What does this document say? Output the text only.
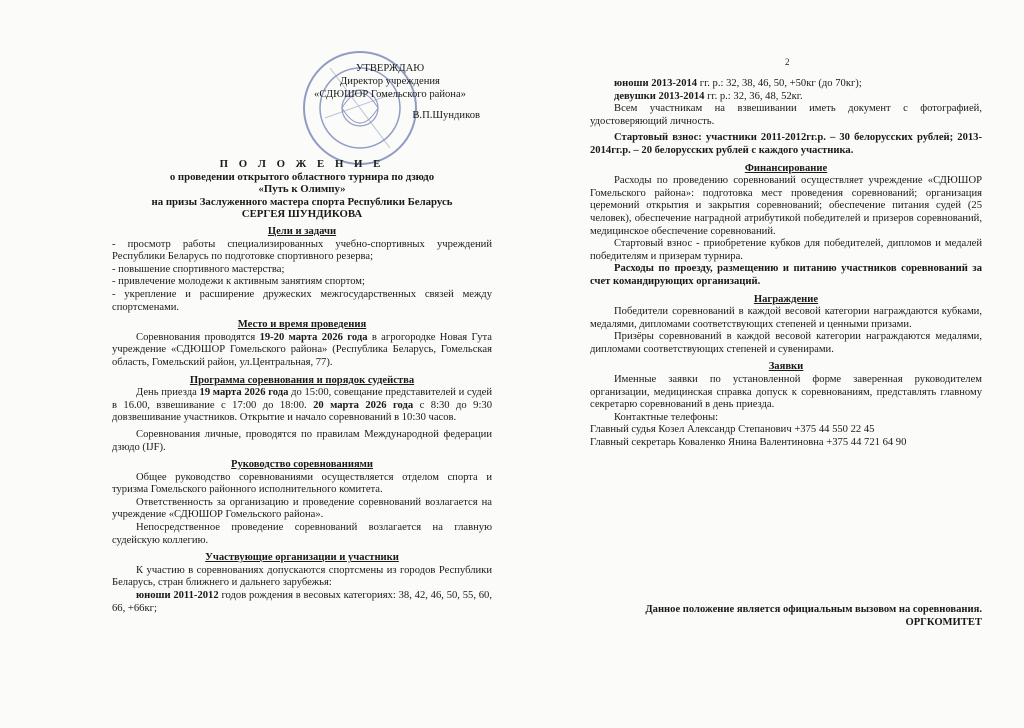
2
УТВЕРЖДАЮ
Директор учреждения
«СДЮШОР Гомельского района»
В.П.Шундиков
П О Л О Ж Е Н И Е
о проведении открытого областного турнира по дзюдо
«Путь к Олимпу»
на призы Заслуженного мастера спорта Республики Беларусь
СЕРГЕЯ ШУНДИКОВА

Цели и задачи

- просмотр работы специализированных учебно-спортивных учреждений Республики Беларусь по подготовке спортивного резерва;

- повышение спортивного мастерства;

- привлечение молодежи к активным занятиям спортом;

- укрепление и расширение дружеских межгосударственных связей между спортсменами.

Место и время проведения

Соревнования проводятся 19-20 марта 2026 года в агрогородке Новая Гута учреждение «СДЮШОР Гомельского района» (Республика Беларусь, Гомельская область, Гомельский район, ул.Центральная, 77).

Программа соревнования и порядок судейства

День приезда 19 марта 2026 года до 15:00, совещание представителей и судей в 16.00, взвешивание с 17:00 до 18:00. 20 марта 2026 года с 8:30 до 9:30 довзвешивание участников. Открытие и начало соревнований в 10:30 часов.

Соревнования личные, проводятся по правилам Международной федерации дзюдо (IJF).

Руководство соревнованиями

Общее руководство соревнованиями осуществляется отделом спорта и туризма Гомельского районного исполнительного комитета.

Ответственность за организацию и проведение соревнований возлагается на учреждение «СДЮШОР Гомельского района».

Непосредственное проведение соревнований возлагается на главную судейскую коллегию.

Участвующие организации и участники

К участию в соревнованиях допускаются спортсмены из городов Республики Беларусь, стран ближнего и дальнего зарубежья:

юноши 2011-2012 годов рождения в весовых категориях: 38, 42, 46, 50, 55, 60, 66, +66кг;

юноши 2013-2014 гг. р.: 32, 38, 46, 50, +50кг (до 70кг);

девушки 2013-2014 гг. р.: 32, 36, 48, 52кг.

Всем участникам на взвешивании иметь документ с фотографией, удостоверяющий личность.

Стартовый взнос: участники 2011-2012гг.р. – 30 белорусских рублей; 2013-2014гг.р. – 20 белорусских рублей с каждого участника.

Финансирование

Расходы по проведению соревнований осуществляет учреждение «СДЮШОР Гомельского района»: подготовка мест проведения соревнований; организация церемоний открытия и закрытия соревнований; обеспечение питания судей (25 человек), обеспечение наградной атрибутикой победителей и призеров соревнований, медицинское обеспечение соревнований.

Стартовый взнос - приобретение кубков для победителей, дипломов и медалей победителям и призерам турнира.

Расходы по проезду, размещению и питанию участников соревнований за счет командирующих организаций.

Награждение

Победители соревнований в каждой весовой категории награждаются кубками, медалями, дипломами соответствующих степеней и ценными призами.

Призёры соревнований в каждой весовой категории награждаются медалями, дипломами соответствующих степеней и сувенирами.

Заявки

Именные заявки по установленной форме заверенная руководителем организации, медицинская справка допуск к соревнованиям, представлять главному секретарю соревнований в день приезда.

Контактные телефоны:

Главный судья Козел Александр Степанович +375 44 550 22 45

Главный секретарь Коваленко Янина Валентиновна +375 44 721 64 90

Данное положение является официальным вызовом на соревнования.
ОРГКОМИТЕТ
